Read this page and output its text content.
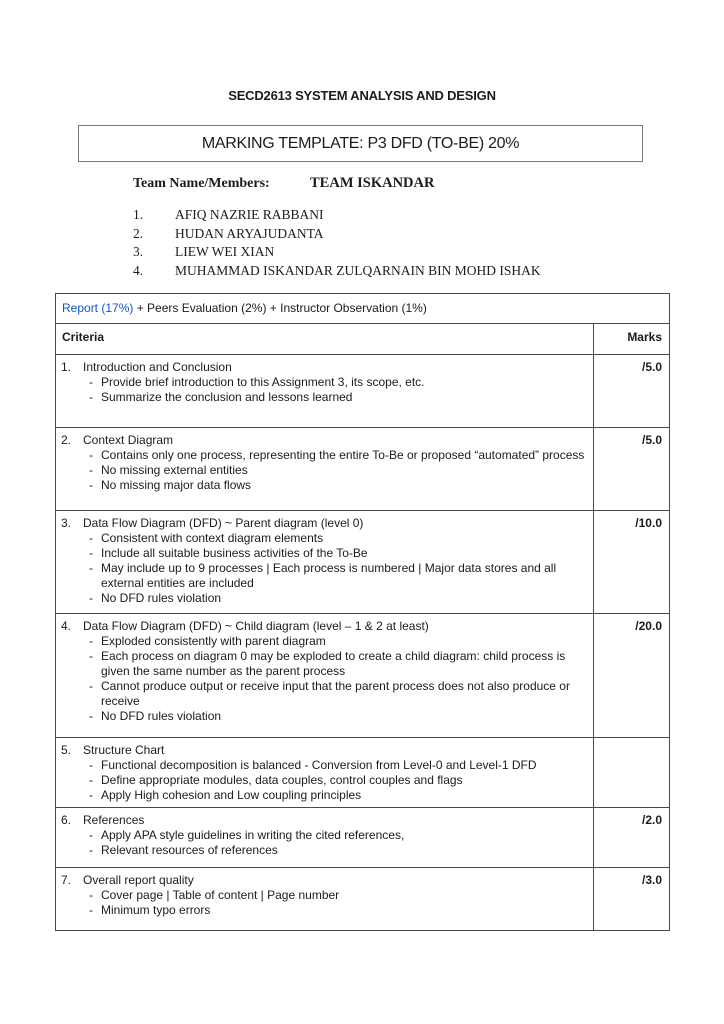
SECD2613 SYSTEM ANALYSIS AND DESIGN
MARKING TEMPLATE: P3 DFD (TO-BE) 20%
Team Name/Members:	TEAM ISKANDAR
1.	AFIQ NAZRIE RABBANI
2.	HUDAN ARYAJUDANTA
3.	LIEW WEI XIAN
4.	MUHAMMAD ISKANDAR ZULQARNAIN BIN MOHD ISHAK
Report (17%) + Peers Evaluation (2%) + Instructor Observation (1%)	
Criteria	Marks

1. Introduction and Conclusion
- Provide brief introduction to this Assignment 3, its scope, etc.
- Summarize the conclusion and lessons learned
	/5.0

2. Context Diagram
- Contains only one process, representing the entire To-Be or proposed “automated” process
- No missing external entities
- No missing major data flows
	/5.0

3. Data Flow Diagram (DFD) ~ Parent diagram (level 0)
- Consistent with context diagram elements
- Include all suitable business activities of the To-Be
- May include up to 9 processes | Each process is numbered | Major data stores and all external entities are included
- No DFD rules violation
	/10.0

4. Data Flow Diagram (DFD) ~ Child diagram (level – 1 & 2 at least)
- Exploded consistently with parent diagram
- Each process on diagram 0 may be exploded to create a child diagram: child process is given the same number as the parent process
- Cannot produce output or receive input that the parent process does not also produce or receive
- No DFD rules violation
	/20.0

5. Structure Chart
- Functional decomposition is balanced - Conversion from Level-0 and Level-1 DFD
- Define appropriate modules, data couples, control couples and flags
- Apply High cohesion and Low coupling principles

6. References
- Apply APA style guidelines in writing the cited references,
- Relevant resources of references
	/2.0

7. Overall report quality
- Cover page | Table of content | Page number
- Minimum typo errors
	/3.0
